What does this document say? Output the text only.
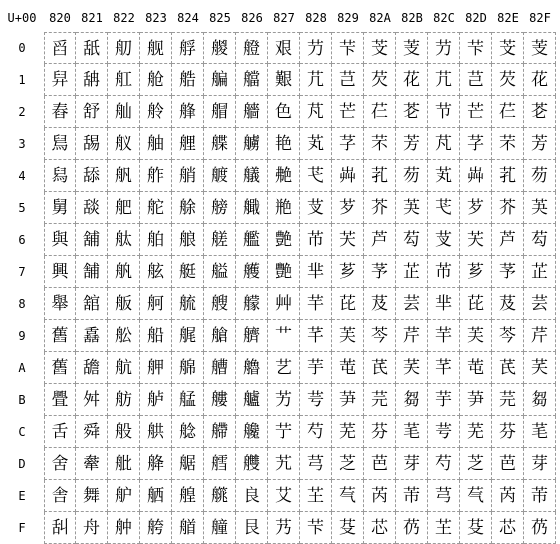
U+00	820 821 822 823 824 825 826 827 828 829 82A 82B 82C 82D 82E 82F
0	舀 舐 舠 舰 艀 艐 艠 艰 芀 芐 芠 芰 芀 芐 芠 芰
1	舁 舑 舡 舱 艁 艑 艡 艱 芁 芑 芡 花 芁 芑 芡 花
2	舂 舒 舢 舲 艂 艒 艢 色 芃 芒 芢 芲 节 芒 芢 芲
3	舃 舓 舣 舳 艃 艓 艣 艳 芄 芓 芣 芳 芃 芓 芣 芳
4	舄 舔 舤 舴 艄 艔 艤 艴 芅 芔 芤 芴 芄 芔 芤 芴
5	舅 舕 舥 舵 艅 艕 艥 艵 芆 芕 芥 芵 芅 芕 芥 芵
6	與 舖 舦 舶 艆 艖 艦 艶 芇 芖 芦 芶 芆 芖 芦 芶
7	興 舗 舧 舷 艇 艗 艧 艷 芈 芗 芧 芷 芇 芗 芧 芷
8	舉 舘 舨 舸 艈 艘 艨 艸 芉 芘 芨 芸 芈 芘 芨 芸
9	舊 舙 舩 船 艉 艙 艩 艹 芊 芙 芩 芹 芉 芙 芩 芹
A	舊 舚 航 舺 艊 艚 艪 艺 芋 芚 芪 芺 芊 芚 芪 芺
B	舋 舛 舫 舻 艋 艛 艫 艻 芌 芛 芫 芻 芋 芛 芫 芻
C	舌 舜 般 舼 艌 艜 艬 艼 芍 芜 芬 芼 芌 芜 芬 芼
D	舍 舝 舭 舽 艍 艝 艭 艽 芎 芝 芭 芽 芍 芝 芭 芽
E	舎 舞 舮 舾 艎 艞 良 艾 芏 芞 芮 芾 芎 芞 芮 芾
F	舏 舟 舯 舿 艏 艟 艮 艿 芐 芟 芯 芿 芏 芟 芯 芿
